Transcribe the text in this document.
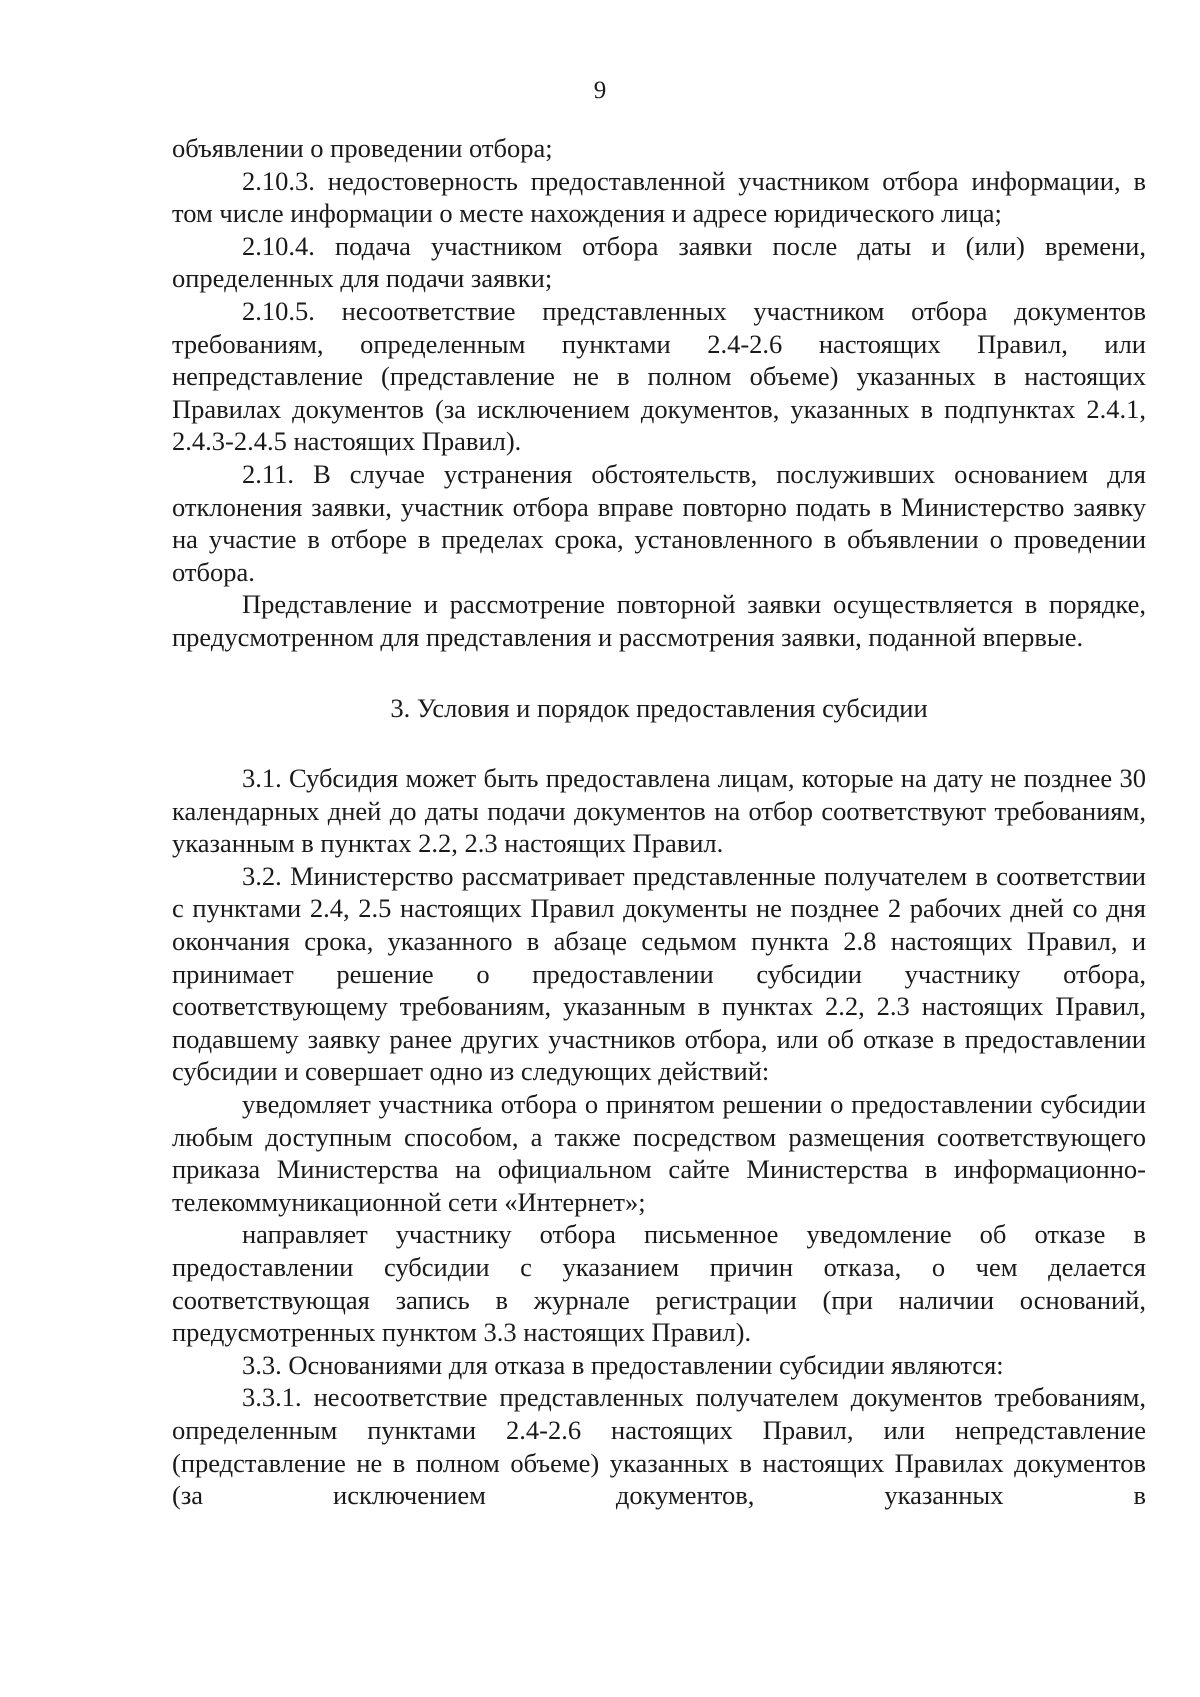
9

объявлении о проведении отбора;

2.10.3. недостоверность предоставленной участником отбора информации, в том числе информации о месте нахождения и адресе юридического лица;

2.10.4. подача участником отбора заявки после даты и (или) времени, определенных для подачи заявки;

2.10.5. несоответствие представленных участником отбора документов требованиям, определенным пунктами 2.4-2.6 настоящих Правил, или непредставление (представление не в полном объеме) указанных в настоящих Правилах документов (за исключением документов, указанных в подпунктах 2.4.1, 2.4.3-2.4.5 настоящих Правил).

2.11. В случае устранения обстоятельств, послуживших основанием для отклонения заявки, участник отбора вправе повторно подать в Министерство заявку на участие в отборе в пределах срока, установленного в объявлении о проведении отбора.

Представление и рассмотрение повторной заявки осуществляется в порядке, предусмотренном для представления и рассмотрения заявки, поданной впервые.

3. Условия и порядок предоставления субсидии

3.1. Субсидия может быть предоставлена лицам, которые на дату не позднее 30 календарных дней до даты подачи документов на отбор соответствуют требованиям, указанным в пунктах 2.2, 2.3 настоящих Правил.

3.2. Министерство рассматривает представленные получателем в соответствии с пунктами 2.4, 2.5 настоящих Правил документы не позднее 2 рабочих дней со дня окончания срока, указанного в абзаце седьмом пункта 2.8 настоящих Правил, и принимает решение о предоставлении субсидии участнику отбора, соответствующему требованиям, указанным в пунктах 2.2, 2.3 настоящих Правил, подавшему заявку ранее других участников отбора, или об отказе в предоставлении субсидии и совершает одно из следующих действий:

уведомляет участника отбора о принятом решении о предоставлении субсидии любым доступным способом, а также посредством размещения соответствующего приказа Министерства на официальном сайте Министерства в информационно-телекоммуникационной сети «Интернет»;

направляет участнику отбора письменное уведомление об отказе в предоставлении субсидии с указанием причин отказа, о чем делается соответствующая запись в журнале регистрации (при наличии оснований, предусмотренных пунктом 3.3 настоящих Правил).

3.3. Основаниями для отказа в предоставлении субсидии являются:

3.3.1. несоответствие представленных получателем документов требованиям, определенным пунктами 2.4-2.6 настоящих Правил, или непредставление (представление не в полном объеме) указанных в настоящих Правилах документов (за исключением документов, указанных в
